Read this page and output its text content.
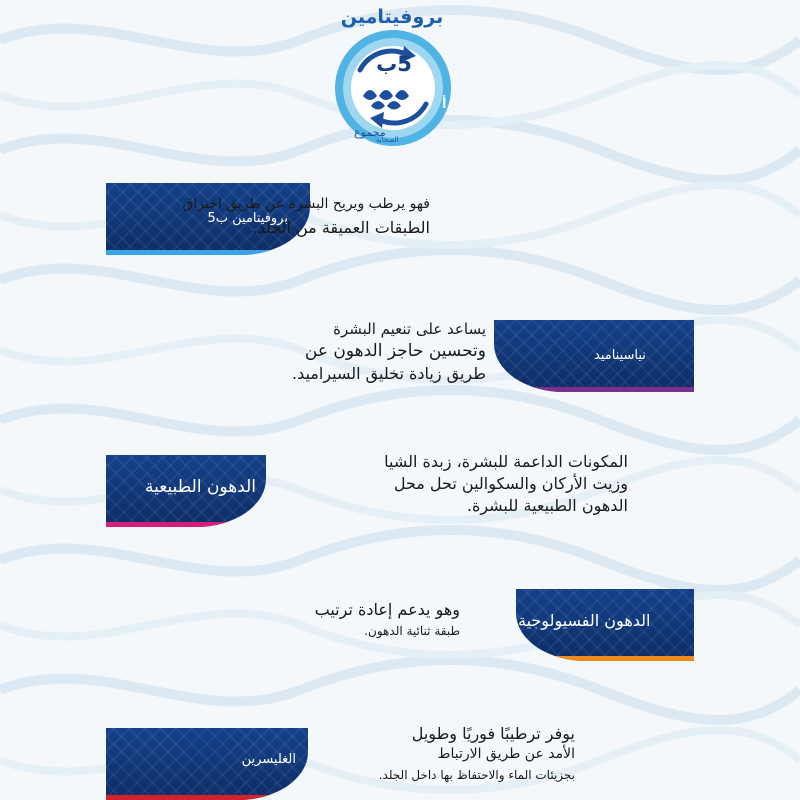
مجموع
الصحابة
أ
بروفيتامين
5ب
بروفيتامين ب5
فهو يرطب ويريح البشرة عن طريق اختراق
الطبقات العميقة من الجلد.
نياسيناميد
يساعد على تنعيم البشرة
وتحسين حاجز الدهون عن
طريق زيادة تخليق السيراميد.
الدهون الطبيعية
المكونات الداعمة للبشرة، زبدة الشيا
وزيت الأركان والسكوالين تحل محل
الدهون الطبيعية للبشرة.
الدهون الفسيولوجية
وهو يدعم إعادة ترتيب
طبقة ثنائية الدهون.
الغليسرين
يوفر ترطيبًا فوريًا وطويل
الأمد عن طريق الارتباط
بجزيئات الماء والاحتفاظ بها داخل الجلد.
